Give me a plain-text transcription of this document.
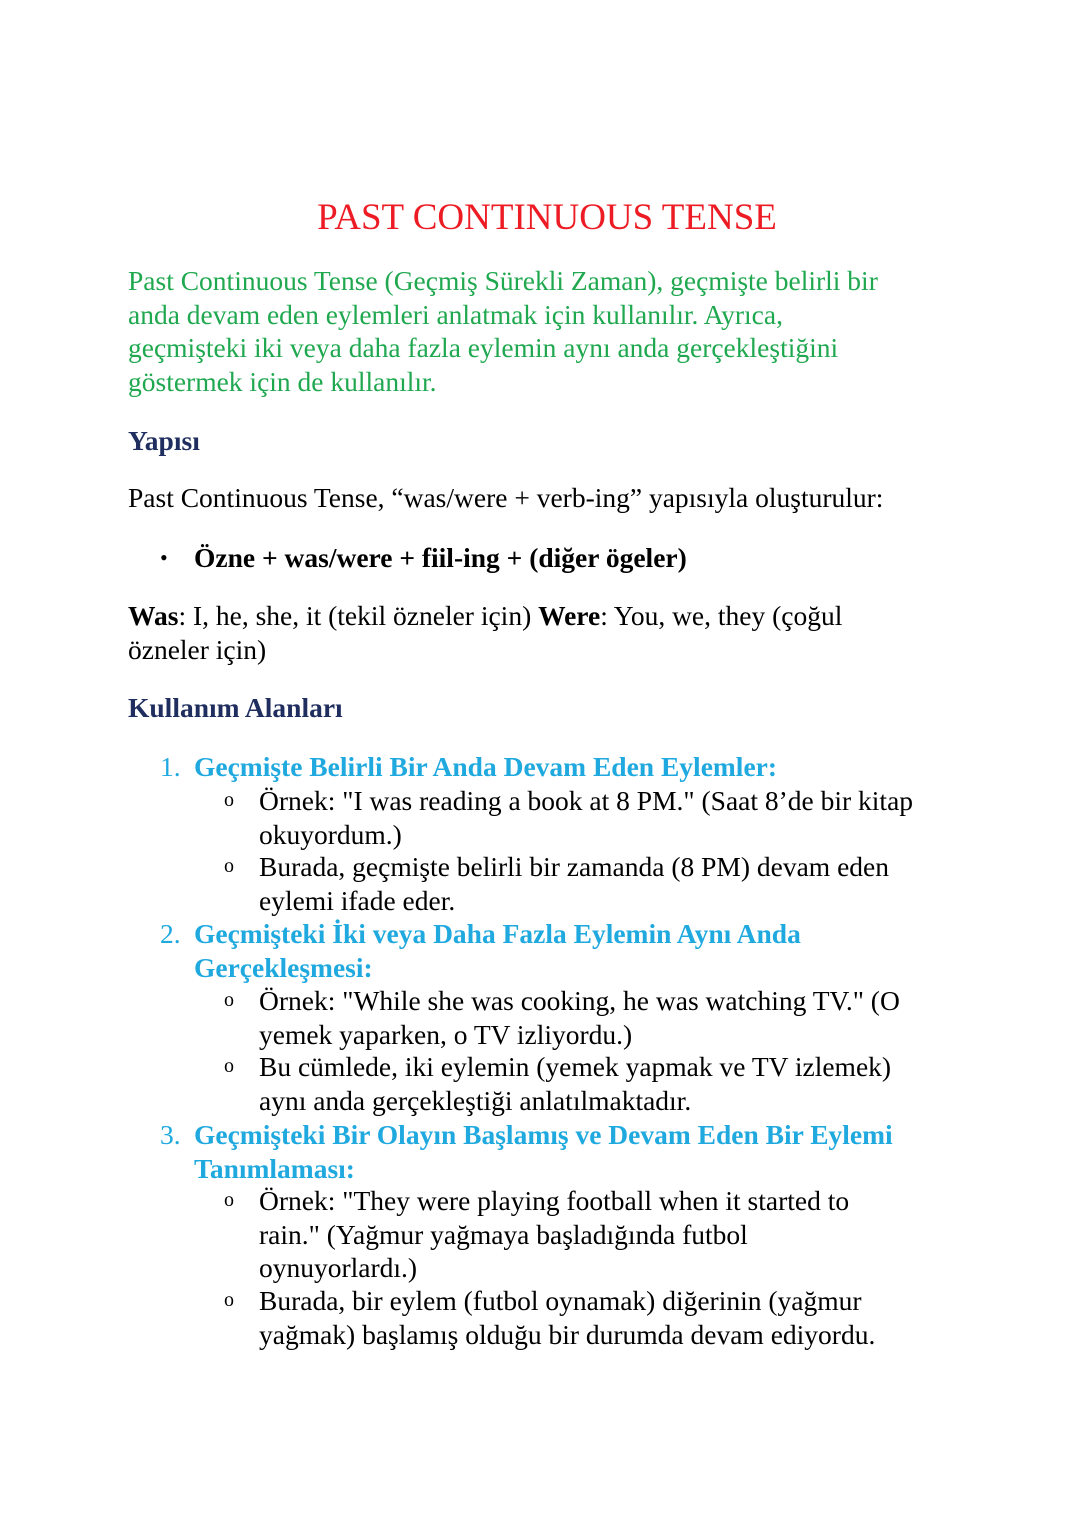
PAST CONTINUOUS TENSE
Past Continuous Tense (Geçmiş Sürekli Zaman), geçmişte belirli bir
anda devam eden eylemleri anlatmak için kullanılır. Ayrıca,
geçmişteki iki veya daha fazla eylemin aynı anda gerçekleştiğini
göstermek için de kullanılır.
Yapısı
Past Continuous Tense, “was/were + verb-ing” yapısıyla oluşturulur:
• Özne + was/were + fiil-ing + (diğer ögeler)
Was: I, he, she, it (tekil özneler için) Were: You, we, they (çoğul
özneler için)
Kullanım Alanları
1. Geçmişte Belirli Bir Anda Devam Eden Eylemler:
o Örnek: "I was reading a book at 8 PM." (Saat 8’de bir kitap
okuyordum.)
o Burada, geçmişte belirli bir zamanda (8 PM) devam eden
eylemi ifade eder.
2. Geçmişteki İki veya Daha Fazla Eylemin Aynı Anda
Gerçekleşmesi:
o Örnek: "While she was cooking, he was watching TV." (O
yemek yaparken, o TV izliyordu.)
o Bu cümlede, iki eylemin (yemek yapmak ve TV izlemek)
aynı anda gerçekleştiği anlatılmaktadır.
3. Geçmişteki Bir Olayın Başlamış ve Devam Eden Bir Eylemi
Tanımlaması:
o Örnek: "They were playing football when it started to
rain." (Yağmur yağmaya başladığında futbol
oynuyorlardı.)
o Burada, bir eylem (futbol oynamak) diğerinin (yağmur
yağmak) başlamış olduğu bir durumda devam ediyordu.
